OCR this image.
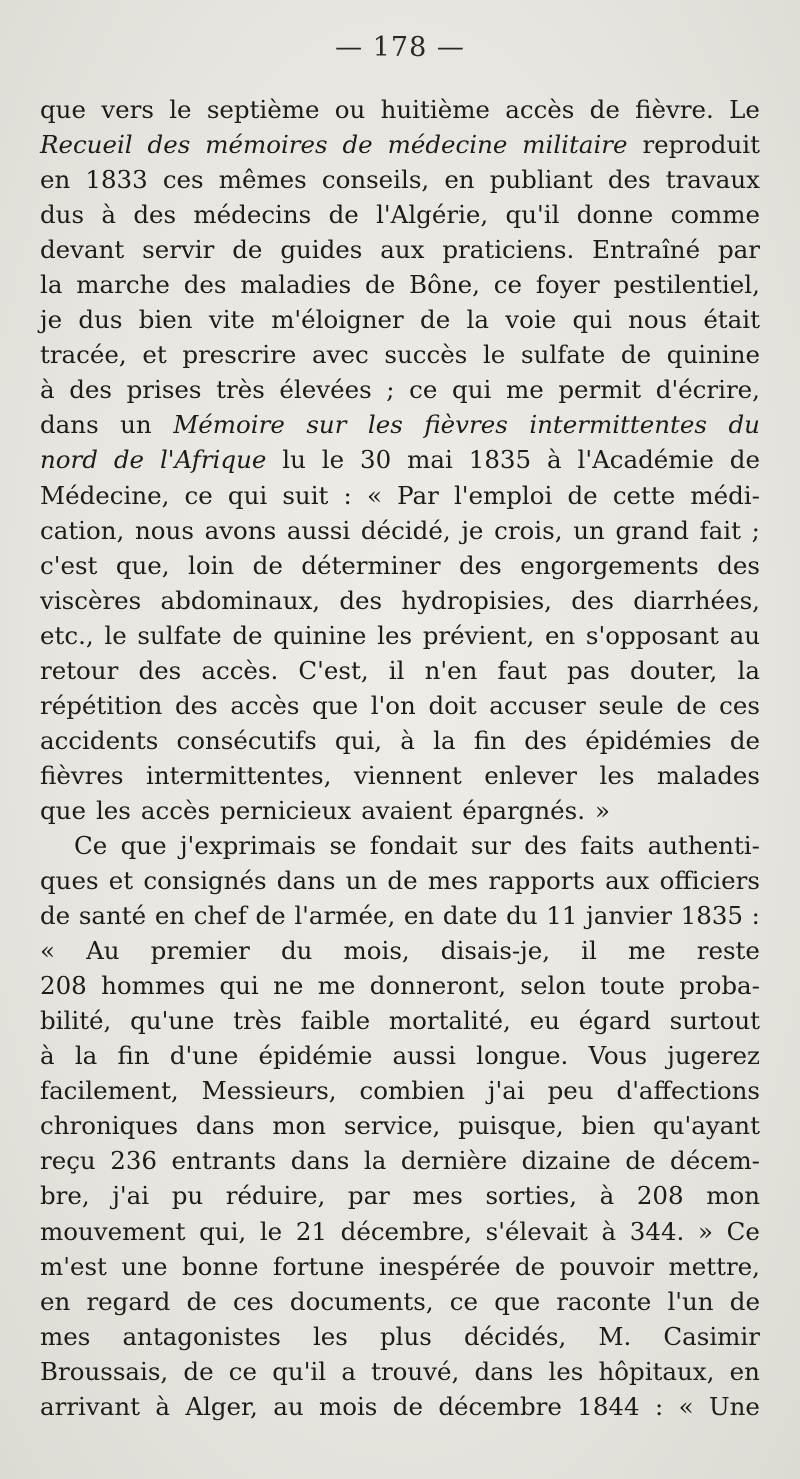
— 178 —
que vers le septième ou huitième accès de fièvre. Le
Recueil des mémoires de médecine militaire reproduit
en 1833 ces mêmes conseils, en publiant des travaux
dus à des médecins de l'Algérie, qu'il donne comme
devant servir de guides aux praticiens. Entraîné par
la marche des maladies de Bône, ce foyer pestilentiel,
je dus bien vite m'éloigner de la voie qui nous était
tracée, et prescrire avec succès le sulfate de quinine
à des prises très élevées ; ce qui me permit d'écrire,
dans un Mémoire sur les fièvres intermittentes du
nord de l'Afrique lu le 30 mai 1835 à l'Académie de
Médecine, ce qui suit : « Par l'emploi de cette médi-
cation, nous avons aussi décidé, je crois, un grand fait ;
c'est que, loin de déterminer des engorgements des
viscères abdominaux, des hydropisies, des diarrhées,
etc., le sulfate de quinine les prévient, en s'opposant au
retour des accès. C'est, il n'en faut pas douter, la
répétition des accès que l'on doit accuser seule de ces
accidents consécutifs qui, à la fin des épidémies de
fièvres intermittentes, viennent enlever les malades
que les accès pernicieux avaient épargnés. »
Ce que j'exprimais se fondait sur des faits authenti-
ques et consignés dans un de mes rapports aux officiers
de santé en chef de l'armée, en date du 11 janvier 1835 :
« Au premier du mois, disais-je, il me reste
208 hommes qui ne me donneront, selon toute proba-
bilité, qu'une très faible mortalité, eu égard surtout
à la fin d'une épidémie aussi longue. Vous jugerez
facilement, Messieurs, combien j'ai peu d'affections
chroniques dans mon service, puisque, bien qu'ayant
reçu 236 entrants dans la dernière dizaine de décem-
bre, j'ai pu réduire, par mes sorties, à 208 mon
mouvement qui, le 21 décembre, s'élevait à 344. » Ce
m'est une bonne fortune inespérée de pouvoir mettre,
en regard de ces documents, ce que raconte l'un de
mes antagonistes les plus décidés, M. Casimir
Broussais, de ce qu'il a trouvé, dans les hôpitaux, en
arrivant à Alger, au mois de décembre 1844 : « Une
